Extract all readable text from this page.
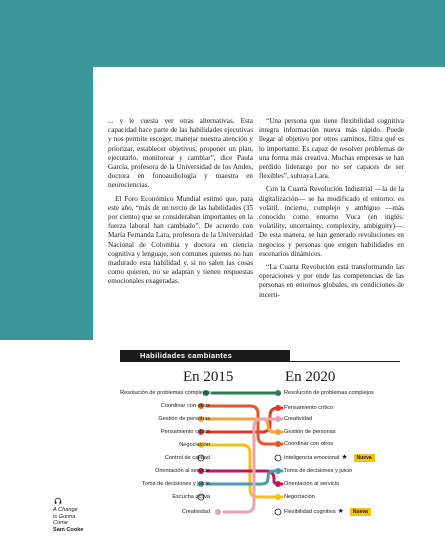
... y le cuesta ver otras alternativas. Esta capacidad hace parte de las habilidades ejecutivas y nos permite escoger, manejar nuestra atención y priorizar, establecer objetivos, proponer un plan, ejecutarlo, monitorear y cambiar”, dice Paula García, profesora de la Universidad de los Andes, doctora en fonoaudiología y maestra en neurociencias.

El Foro Económico Mundial estimó que, para este año, “más de un tercio de las habilidades (35 por ciento) que se consideraban importantes en la fuerza laboral han cambiado”. De acuerdo con María Fernanda Lara, profesora de la Universidad Nacional de Colombia y doctora en ciencia cognitiva y lenguaje, son comunes quienes no han madurado esta habilidad y, si no salen las cosas como quieren, no se adaptan y tienen respuestas emocionales exageradas.

“Una persona que tiene flexibilidad cognitiva integra información nueva más rápido. Puede llegar al objetivo por otros caminos, filtra qué es lo importante. Es capaz de resolver problemas de una forma más creativa. Muchas empresas se han perdido liderazgo por no ser capaces de ser flexibles”, subraya Lara.

Con la Cuarta Revolución Industrial —la de la digitalización— se ha modificado el entorno: es volátil, incierto, complejo y ambiguo —más conocido como entorno Vuca (en inglés: volatility, uncertainty, complexity, ambiguity)—. De esta manera, se han generado revoluciones en negocios y personas que exigen habilidades en escenarios dinámicos.

“La Cuarta Revolución está transformando las operaciones y por ende las competencias de las personas en entornos globales, en condiciones de incerti-

Habilidades cambiantes
En 2015	En 2020
Resolución de problemas complejos
Coordinar con otros
Gestión de personas
Pensamiento crítico
Negociación
Control de calidad
Orientación al servicio
Toma de decisiones y juicio
Escucha activa
Creatividad
Resolución de problemas complejos
Pensamiento crítico
Creatividad
Gestión de personas
Coordinar con otros
Inteligencia emocional ★ Nueva
Toma de decisiones y juicio
Orientación al servicio
Negociación
Flexibilidad cognitiva ★ Nueva
A Change
is Gonna
Come
Sam Cooke
